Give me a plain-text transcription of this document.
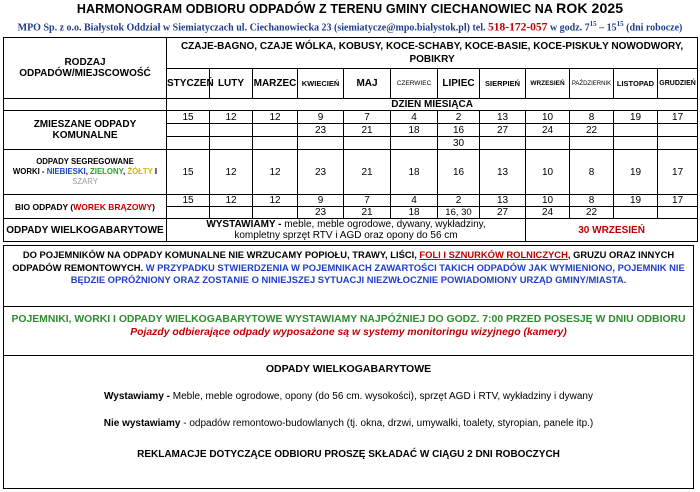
HARMONOGRAM ODBIORU ODPADÓW Z TERENU GMINY CIECHANOWIEC NA ROK 2025
MPO Sp. z o.o. Białystok Oddział w Siemiatyczach ul. Ciechanowiecka 23 (siemiatycze@mpo.bialystok.pl) tel. 518-172-057 w godz. $7^{15} - 15^{15}$ (dni robocze)
RODZAJ ODPADÓW/MIEJSCOWOŚĆ	CZAJE-BAGNO, CZAJE WÓLKA, KOBUSY, KOCE-SCHABY, KOCE-BASIE, KOCE-PISKUŁY NOWODWORY, POBIKRY											
	STYCZEŃ	LUTY	MARZEC	KWIECIEŃ	MAJ	CZERWIEC	LIPIEC	SIERPIEŃ	WRZESIEŃ	PAŹDZIERNIK	LISTOPAD	GRUDZIEŃ
	DZIEŃ MIESIĄCA											
ZMIESZANE ODPADY KOMUNALNE	15	12	12	9	7	4	2	13	10	8	19	17
				23	21	18	16	27	24	22		
							30					

ODPADY SEGREGOWANE
WORKI - NIEBIESKI, ZIELONY, ŻÓŁTY I
SZARY	15	12	12	23	21	18	16	13	10	8	19	17
BIO ODPADY (WOREK BRĄZOWY)	15	12	12	9	7	4	2	13	10	8	19	17
				23	21	18	16, 30	27	24	22		
ODPADY WIELKOGABARYTOWE	WYSTAWIAMY - meble, meble ogrodowe, dywany, wykładziny,
kompletny sprzęt RTV i AGD oraz opony do 56 cm								30 WRZESIEŃ			
DO POJEMNIKÓW NA ODPADY KOMUNALNE NIE WRZUCAMY POPIOŁU, TRAWY, LIŚCI, FOLI I SZNURKÓW ROLNICZYCH, GRUZU ORAZ INNYCH ODPADÓW REMONTOWYCH. W PRZYPADKU STWIERDZENIA W POJEMNIKACH ZAWARTOŚCI TAKICH ODPADÓW JAK WYMIENIONO, POJEMNIK NIE BĘDZIE OPRÓŻNIONY ORAZ ZOSTANIE O NINIEJSZEJ SYTUACJI NIEZWŁOCZNIE POWIADOMIONY URZĄD GMINY/MIASTA.
POJEMNIKI, WORKI I ODPADY WIELKOGABARYTOWE WYSTAWIAMY NAJPÓŹNIEJ DO GODZ. 7:00 PRZED POSESJĘ W DNIU ODBIORU Pojazdy odbierające odpady wyposażone są w systemy monitoringu wizyjnego (kamery)
ODPADY WIELKOGABARYTOWE
Wystawiamy - Meble, meble ogrodowe, opony (do 56 cm. wysokości), sprzęt AGD i RTV, wykładziny i dywany
Nie wystawiamy - odpadów remontowo-budowlanych (tj. okna, drzwi, umywalki, toalety, styropian, panele itp.)
REKLAMACJE DOTYCZĄCE ODBIORU PROSZĘ SKŁADAĆ W CIĄGU 2 DNI ROBOCZYCH
